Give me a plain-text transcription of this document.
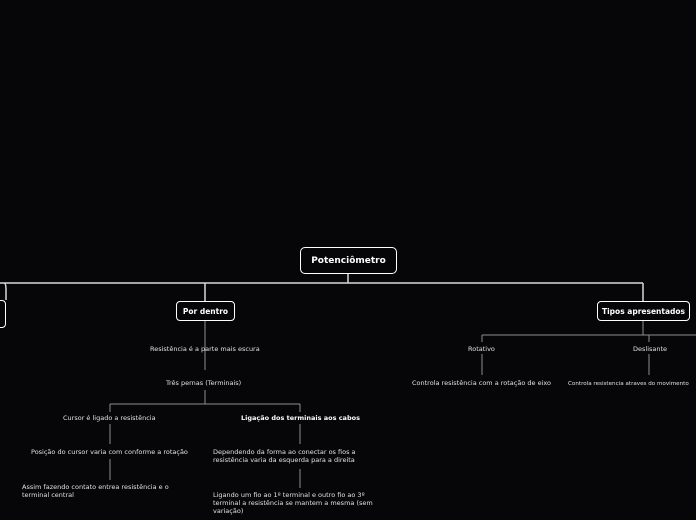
Potenciômetro
Por dentro	Tipos apresentados
Resistência é a parte mais escura
Três pernas (Terminais)
Cursor é ligado a resistência	Ligação dos terminais aos cabos
Posição do cursor varia com conforme a rotação
Assim fazendo contato entrea resistência e o terminal central
Dependendo da forma ao conectar os fios a resistência varia da esquerda para a direita
Ligando um fio ao 1º terminal e outro fio ao 3º terminal a resistência se mantem a mesma (sem variação)
Rotativo	Deslisante
Controla resistência com a rotação de eixo	Controla resistencia atraves do movimento
